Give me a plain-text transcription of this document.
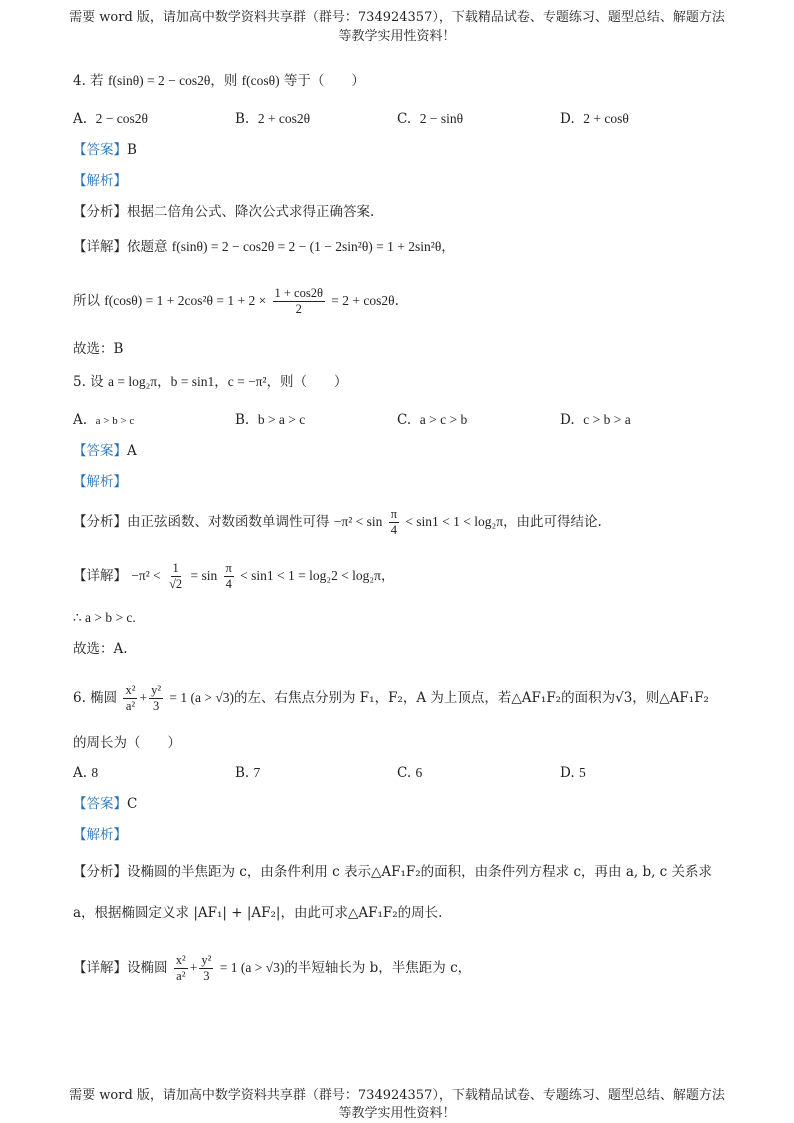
需要 word 版，请加高中数学资料共享群（群号：734924357），下载精品试卷、专题练习、题型总结、解题方法
等教学实用性资料！
4. 若 f(sinθ) = 2 − cos2θ，则 f(cosθ) 等于（　　）
A. 2 − cos2θ	B. 2 + cos2θ	C. 2 − sinθ	D. 2 + cosθ
【答案】B
【解析】
【分析】根据二倍角公式、降次公式求得正确答案.
【详解】依题意 f(sinθ) = 2 − cos2θ = 2 − (1 − 2sin²θ) = 1 + 2sin²θ，
所以 $f(\cos\theta) = 1 + 2\cos^2\theta = 1 + 2 \times \frac{1 + \cos 2\theta}{2} = 2 + \cos 2\theta$.
故选：B
5. 设 a = log₂π，b = sin1，c = −π²，则（　　）
A. a > b > c	B. b > a > c	C. a > c > b	D. c > b > a
【答案】A
【解析】
【分析】由正弦函数、对数函数单调性可得 $-\pi^2 < \sin \frac{\pi}{4} < \sin 1 < 1 < \log_2\pi$，由此可得结论.
【详解】 $-\pi^2 < \frac{1}{√2} = \sin \frac{\pi}{4} < \sin 1 < 1 = \log_22 < \log_2\pi$，
∴ a > b > c.
故选：A.
6. 椭圆 $\frac{\text{x²}}{\text{a²}} + \frac{\text{y²}}{3} = 1$ (a > √3)的左、右焦点分别为 F₁，F₂，A 为上顶点，若△AF₁F₂的面积为√3，则△AF₁F₂
的周长为（　　）
A. 8	B. 7	C. 6	D. 5
【答案】C
【解析】
【分析】设椭圆的半焦距为 c，由条件利用 c 表示△AF₁F₂的面积，由条件列方程求 c，再由 a, b, c 关系求
a，根据椭圆定义求 |AF₁| + |AF₂|，由此可求△AF₁F₂的周长.
【详解】设椭圆 $\frac{\text{x²}}{\text{a²}} + \frac{\text{y²}}{3} = 1$ (a > √3)的半短轴长为 b，半焦距为 c，
需要 word 版，请加高中数学资料共享群（群号：734924357），下载精品试卷、专题练习、题型总结、解题方法
等教学实用性资料！
